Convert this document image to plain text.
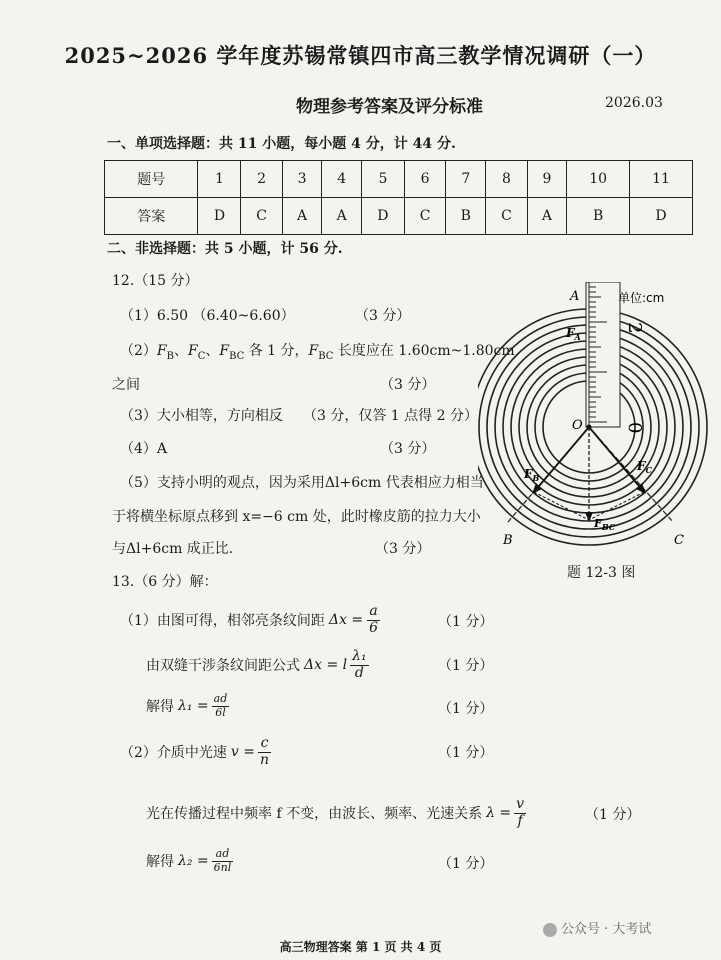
2025~2026 学年度苏锡常镇四市高三教学情况调研（一）
物理参考答案及评分标准	2026.03
一、单项选择题：共 11 小题，每小题 4 分，计 44 分.
题号	1	2	3	4	5	6	7	8	9	10	11
答案	D	C	A	A	D	C	B	C	A	B	D
二、非选择题：共 5 小题，计 56 分.
12.（15 分）
（1）6.50 （6.40~6.60）	（3 分）
$(2)F_B$、$F_C$、$F_{BC}$ 各 1 分，$F_{BC}$ 长度应在 1.60cm~1.80cm
之间	（3 分）
（3）大小相等，方向相反 （3 分，仅答 1 点得 2 分）
（4）A	（3 分）
（5）支持小明的观点，因为采用Δl+6cm 代表相应力相当
于将横坐标原点移到 x=−6 cm 处，此时橡皮筋的拉力大小
与Δl+6cm 成正比.	（3 分）
A	单位:cm
2
0
$F_A$
O
$F_B$
$F_C$
$F_{BC}$
B	C
题 12-3 图
13.（6 分）解：
（1）由图可得，相邻亮条纹间距 $\Delta x = \frac{a}{6}$	（1 分）
由双缝干涉条纹间距公式 Δx = l $\frac{\text{λ₁}}{d}$	（1 分）
解得 $\lambda_1 = \frac{ad}{6l}$	（1 分）
（2）介质中光速 $v = \frac{c}{n}$	（1 分）
光在传播过程中频率 f 不变，由波长、频率、光速关系 $\lambda = \frac{v}{f}$	（1 分）
解得 $\lambda_2 = \frac{ad}{6nl}$	（1 分）
公众号 · 大考试
高三物理答案 第 1 页 共 4 页
